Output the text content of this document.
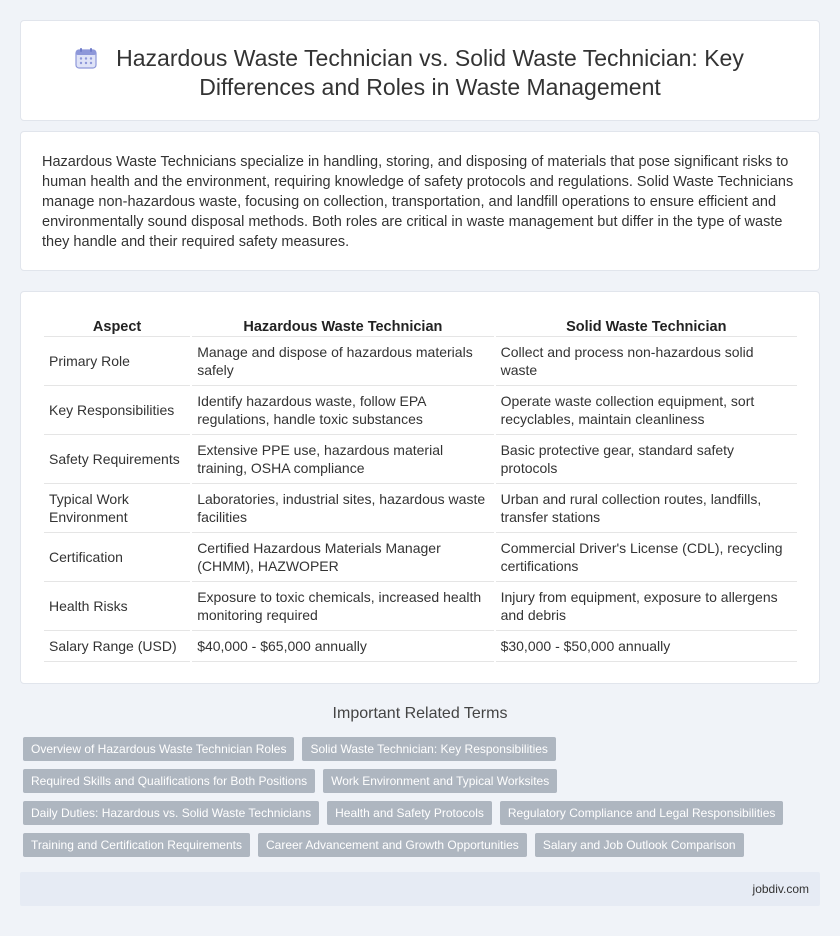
Hazardous Waste Technician vs. Solid Waste Technician: Key Differences and Roles in Waste Management

Hazardous Waste Technicians specialize in handling, storing, and disposing of materials that pose significant risks to human health and the environment, requiring knowledge of safety protocols and regulations. Solid Waste Technicians manage non-hazardous waste, focusing on collection, transportation, and landfill operations to ensure efficient and environmentally sound disposal methods. Both roles are critical in waste management but differ in the type of waste they handle and their required safety measures.

Aspect	Hazardous Waste Technician	Solid Waste Technician
Primary Role	Manage and dispose of hazardous materials safely	Collect and process non-hazardous solid waste
Key Responsibilities	Identify hazardous waste, follow EPA regulations, handle toxic substances	Operate waste collection equipment, sort recyclables, maintain cleanliness
Safety Requirements	Extensive PPE use, hazardous material training, OSHA compliance	Basic protective gear, standard safety protocols
Typical Work Environment	Laboratories, industrial sites, hazardous waste facilities	Urban and rural collection routes, landfills, transfer stations
Certification	Certified Hazardous Materials Manager (CHMM), HAZWOPER	Commercial Driver's License (CDL), recycling certifications
Health Risks	Exposure to toxic chemicals, increased health monitoring required	Injury from equipment, exposure to allergens and debris
Salary Range (USD)	$40,000 - $65,000 annually	$30,000 - $50,000 annually
Important Related Terms
Overview of Hazardous Waste Technician Roles	Solid Waste Technician: Key Responsibilities
Required Skills and Qualifications for Both Positions	Work Environment and Typical Worksites
Daily Duties: Hazardous vs. Solid Waste Technicians	Health and Safety Protocols	Regulatory Compliance and Legal Responsibilities
Training and Certification Requirements	Career Advancement and Growth Opportunities	Salary and Job Outlook Comparison
jobdiv.com
